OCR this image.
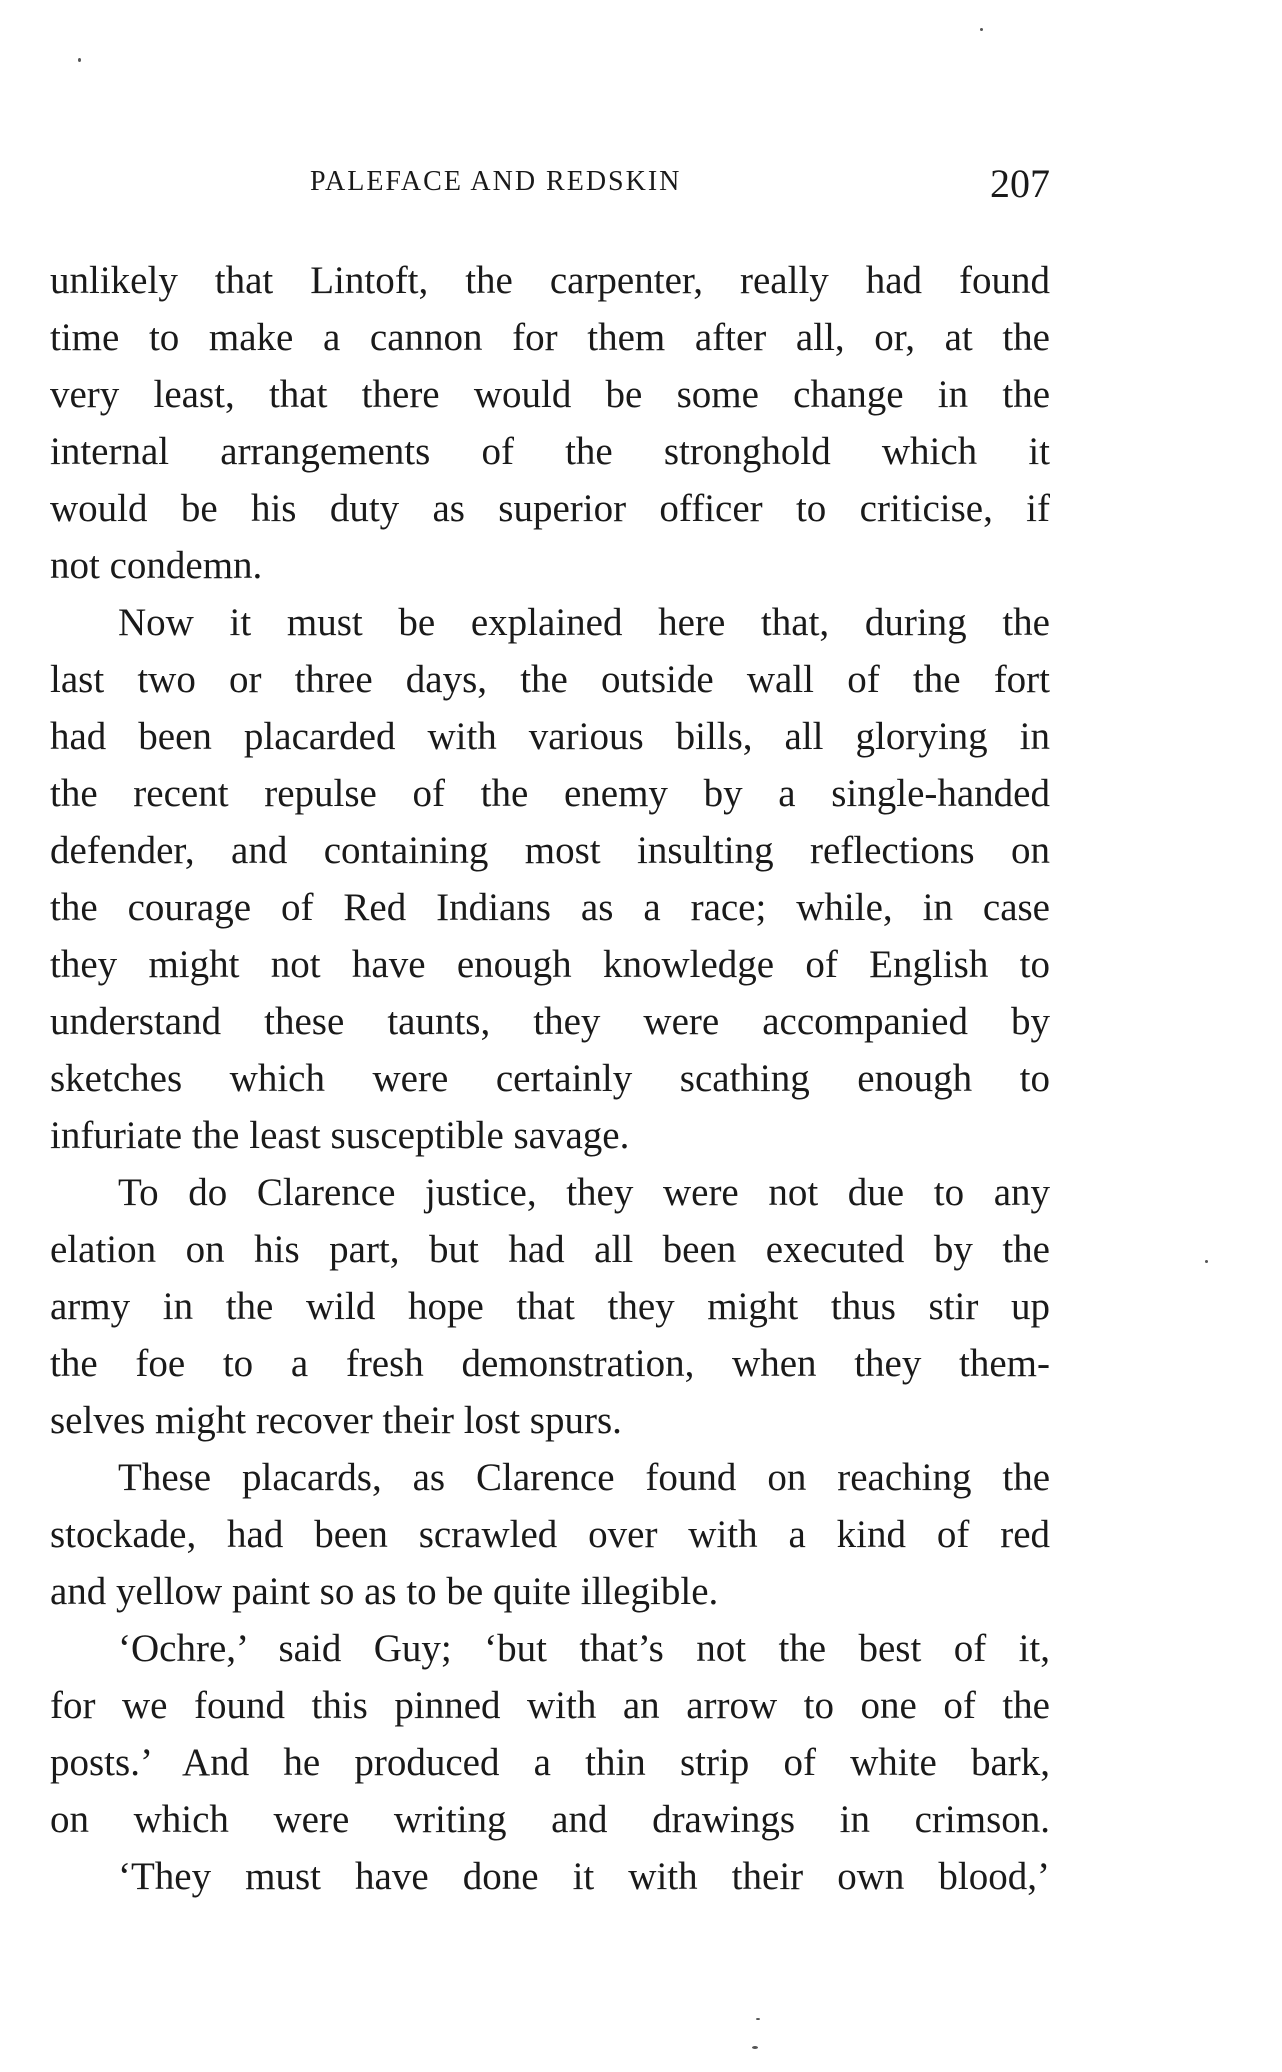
PALEFACE AND REDSKIN	207
unlikely that Lintoft, the carpenter, really had found
time to make a cannon for them after all, or, at the
very least, that there would be some change in the
internal arrangements of the stronghold which it
would be his duty as superior officer to criticise, if
not condemn.
Now it must be explained here that, during the
last two or three days, the outside wall of the fort
had been placarded with various bills, all glorying in
the recent repulse of the enemy by a single-handed
defender, and containing most insulting reflections on
the courage of Red Indians as a race; while, in case
they might not have enough knowledge of English to
understand these taunts, they were accompanied by
sketches which were certainly scathing enough to
infuriate the least susceptible savage.
To do Clarence justice, they were not due to any
elation on his part, but had all been executed by the
army in the wild hope that they might thus stir up
the foe to a fresh demonstration, when they them-
selves might recover their lost spurs.
These placards, as Clarence found on reaching the
stockade, had been scrawled over with a kind of red
and yellow paint so as to be quite illegible.
‘Ochre,’ said Guy; ‘but that’s not the best of it,
for we found this pinned with an arrow to one of the
posts.’ And he produced a thin strip of white bark,
on which were writing and drawings in crimson.
‘They must have done it with their own blood,’
